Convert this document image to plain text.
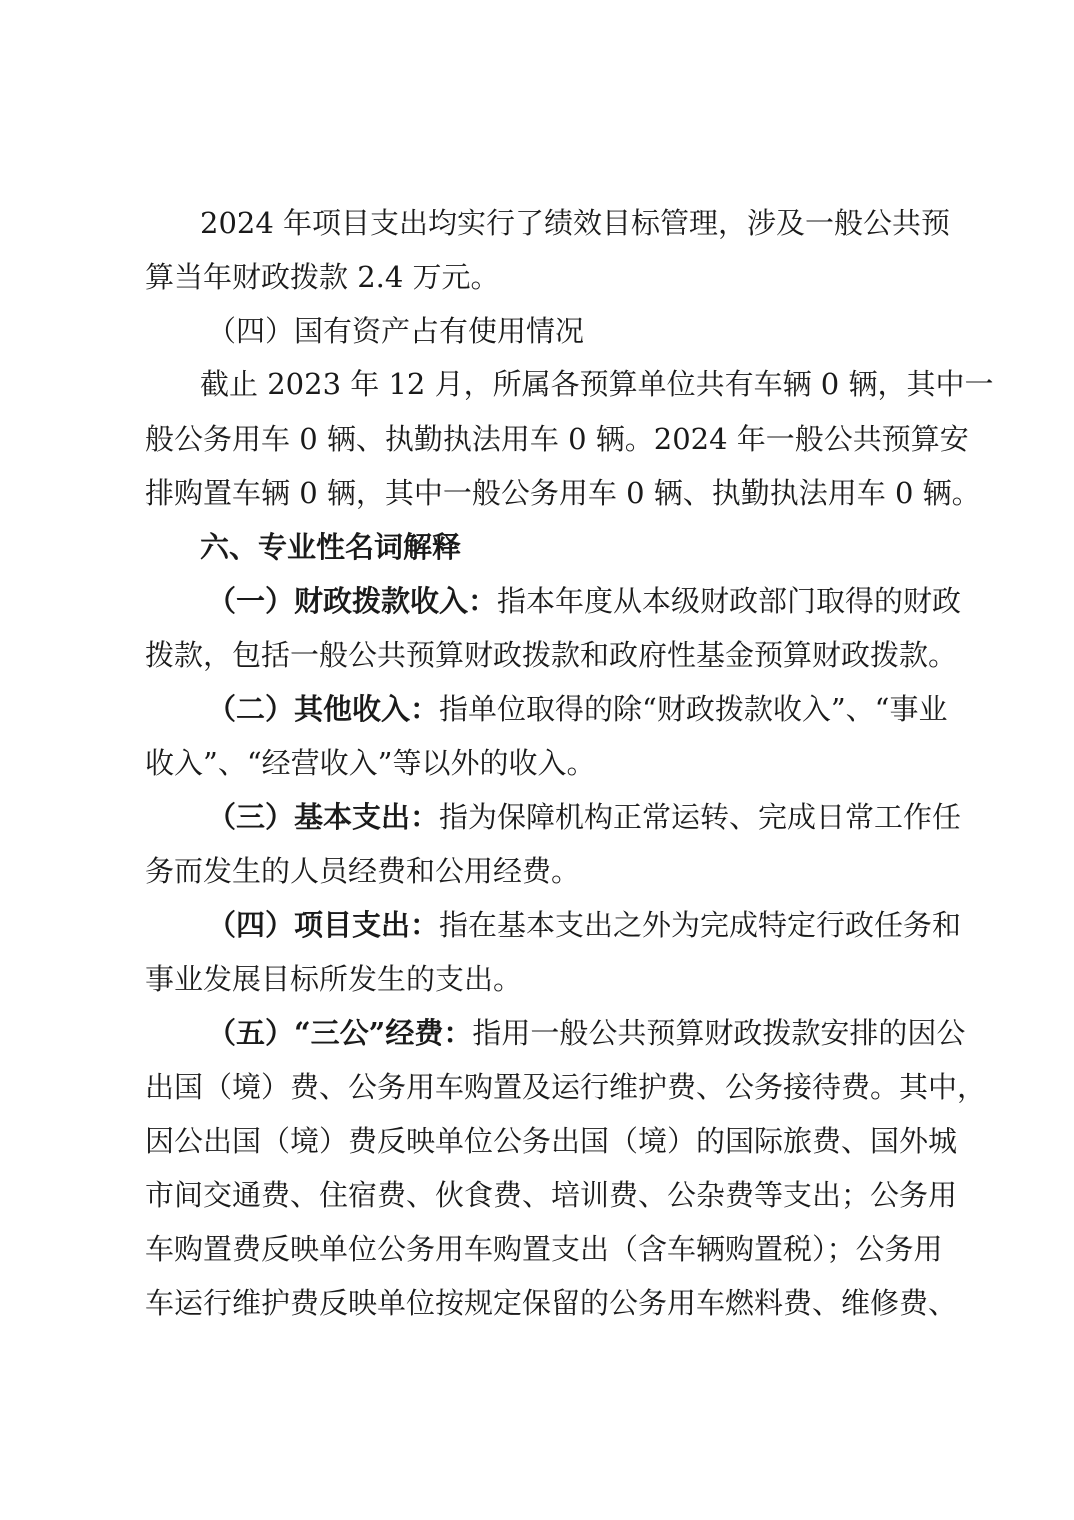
2024 年项目支出均实行了绩效目标管理，涉及一般公共预
算当年财政拨款 2.4 万元。
（四）国有资产占有使用情况
截止 2023 年 12 月，所属各预算单位共有车辆 0 辆，其中一
般公务用车 0 辆、执勤执法用车 0 辆。2024 年一般公共预算安
排购置车辆 0 辆，其中一般公务用车 0 辆、执勤执法用车 0 辆。
六、专业性名词解释
（一）财政拨款收入：指本年度从本级财政部门取得的财政
拨款，包括一般公共预算财政拨款和政府性基金预算财政拨款。
（二）其他收入：指单位取得的除“财政拨款收入”、“事业
收入”、“经营收入”等以外的收入。
（三）基本支出：指为保障机构正常运转、完成日常工作任
务而发生的人员经费和公用经费。
（四）项目支出：指在基本支出之外为完成特定行政任务和
事业发展目标所发生的支出。
（五）“三公”经费：指用一般公共预算财政拨款安排的因公
出国（境）费、公务用车购置及运行维护费、公务接待费。其中，
因公出国（境）费反映单位公务出国（境）的国际旅费、国外城
市间交通费、住宿费、伙食费、培训费、公杂费等支出；公务用
车购置费反映单位公务用车购置支出（含车辆购置税）；公务用
车运行维护费反映单位按规定保留的公务用车燃料费、维修费、
